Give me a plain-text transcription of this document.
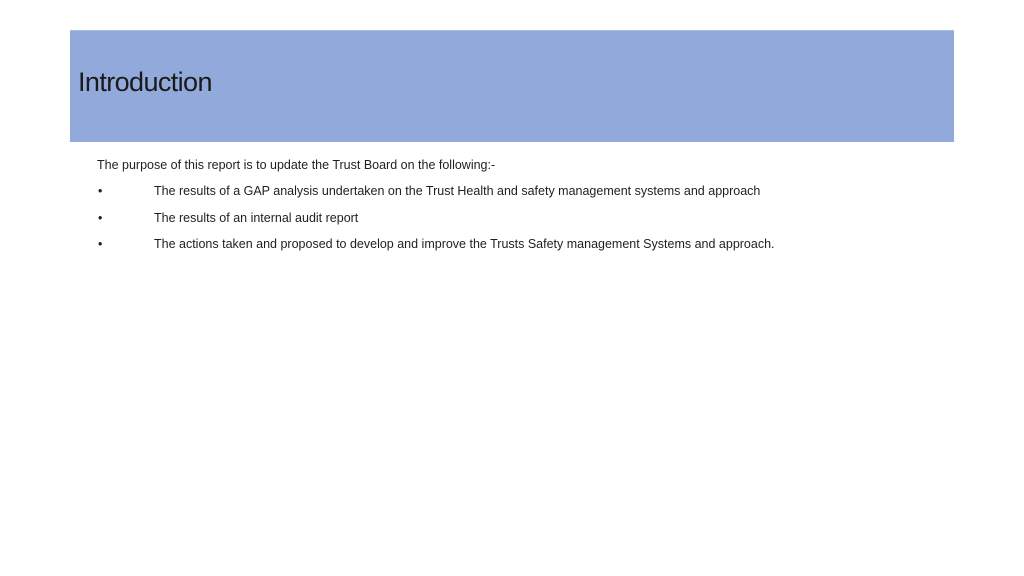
Introduction

The purpose of this report is to update the Trust Board on the following:-

•	The results of a GAP analysis undertaken on the Trust Health and safety management systems and approach
•	The results of an internal audit report
•	The actions taken and proposed to develop and improve the Trusts Safety management Systems and approach.
